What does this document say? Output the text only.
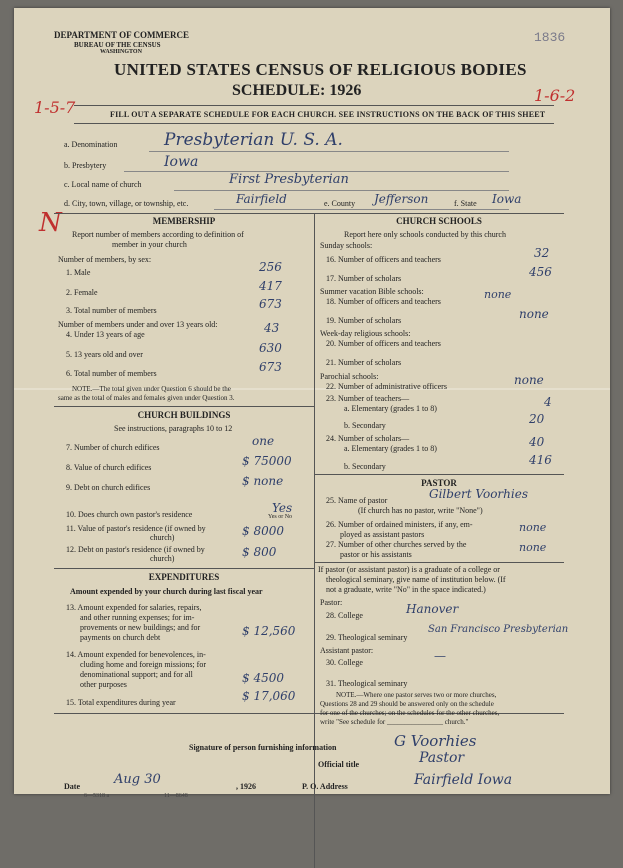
DEPARTMENT OF COMMERCE
BUREAU OF THE CENSUS
WASHINGTON
1836
UNITED STATES CENSUS OF RELIGIOUS BODIES
SCHEDULE: 1926
1-5-7
1-6-2
FILL OUT A SEPARATE SCHEDULE FOR EACH CHURCH. SEE INSTRUCTIONS ON THE BACK OF THIS SHEET
a. Denomination	Presbyterian U. S. A.
b. Presbytery	Iowa
c. Local name of church	First Presbyterian
d. City, town, village, or township, etc.	Fairfield	e. County Jefferson	f. State Iowa
N	MEMBERSHIP
Report number of members according to definition of
member in your church
Number of members, by sex:
1. Male	256
2. Female	417
3. Total number of members	673
Number of members under and over 13 years old:
4. Under 13 years of age	43
5. 13 years old and over	630
6. Total number of members	673
NOTE.—The total given under Question 6 should be the
same as the total of males and females given under Question 3.
CHURCH BUILDINGS
See instructions, paragraphs 10 to 12
7. Number of church edifices	one
8. Value of church edifices	$ 75000
9. Debt on church edifices	$ none
10. Does church own pastor's residence	Yes
Yes or No
11. Value of pastor's residence (if owned by
church)	$ 8000
12. Debt on pastor's residence (if owned by
church)	$ 800
EXPENDITURES
Amount expended by your church during last fiscal year
13. Amount expended for salaries, repairs,
and other running expenses; for im-
provements or new buildings; and for
payments on church debt	$ 12,560
14. Amount expended for benevolences, in-
cluding home and foreign missions; for
denominational support; and for all
other purposes	$ 4500
15. Total expenditures during year	$ 17,060
CHURCH SCHOOLS
Report here only schools conducted by this church
Sunday schools:
16. Number of officers and teachers	32
17. Number of scholars	456
Summer vacation Bible schools:
18. Number of officers and teachers
none
19. Number of scholars	none
Week-day religious schools:
20. Number of officers and teachers
21. Number of scholars
Parochial schools:
22. Number of administrative officers	none
23. Number of teachers—
a. Elementary (grades 1 to 8)	4
b. Secondary	20
24. Number of scholars—
a. Elementary (grades 1 to 8)	40
b. Secondary	416
PASTOR
25. Name of pastor	Gilbert Voorhies
(If church has no pastor, write "None")
26. Number of ordained ministers, if any, em-
ployed as assistant pastors
none
27. Number of other churches served by the
pastor or his assistants
none
If pastor (or assistant pastor) is a graduate of a college or
theological seminary, give name of institution below. (If
not a graduate, write "No" in the space indicated.)
Pastor:
28. College	Hanover
29. Theological seminary
San Francisco Presbyterian
Assistant pastor:
30. College	—
31. Theological seminary
NOTE.—Where one pastor serves two or more churches,
Questions 28 and 29 should be answered only on the schedule
for one of the churches; on the schedules for the other churches,
write "See schedule for ________________ church."
Signature of person furnishing information	G Voorhies
Official title	Pastor
Date	Aug 30	, 1926	P. O. Address	Fairfield Iowa
6—5318 a	11—8648
